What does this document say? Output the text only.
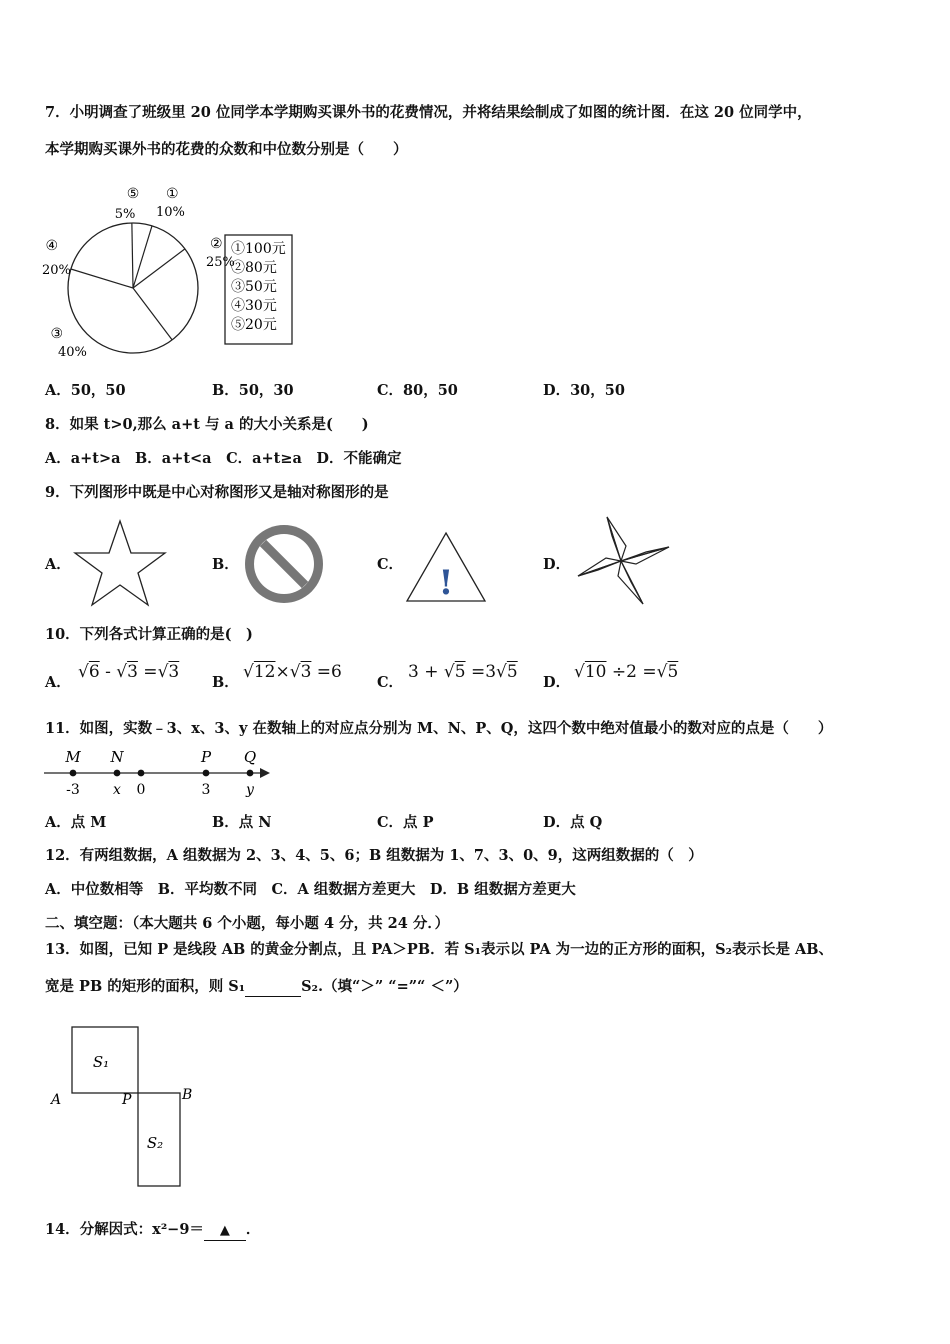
7．小明调查了班级里 20 位同学本学期购买课外书的花费情况，并将结果绘制成了如图的统计图．在这 20 位同学中，
本学期购买课外书的花费的众数和中位数分别是（　　）
①
10%
②
25%
③
40%
④
20%
⑤
5%
①100元
②80元
③50元
④30元
⑤20元
A．50，50	B．50，30	C．80，50	D．30，50
8．如果 t>0,那么 a+t 与 a 的大小关系是(　　)
A．a+t>a　B．a+t<a　C．a+t≥a　D．不能确定
9．下列图形中既是中心对称图形又是轴对称图形的是
A．	B．	C． !	D．
10．下列各式计算正确的是(　)
A．
√6 - √3 =√3
B．
√12×√3 =6
C．
3 + √5 =3√5
D．
√10 ÷2 =√5
11．如图，实数﹣3、x、3、y 在数轴上的对应点分别为 M、N、P、Q，这四个数中绝对值最小的数对应的点是（　　）
M N	P Q
-3 x 0	3	y
A．点 M	B．点 N	C．点 P	D．点 Q
12．有两组数据，A 组数据为 2、3、4、5、6；B 组数据为 1、7、3、0、9，这两组数据的（　）
A．中位数相等　B．平均数不同　C．A 组数据方差更大　D．B 组数据方差更大
二、填空题：（本大题共 6 个小题，每小题 4 分，共 24 分．）
13．如图，已知 P 是线段 AB 的黄金分割点，且 PA＞PB．若 S₁表示以 PA 为一边的正方形的面积，S₂表示长是 AB、
宽是 PB 的矩形的面积，则 S₁	S₂.（填“＞” “=”“ ＜”）
S₁
S₂
A	P	B
14．分解因式：x²−9＝ ▲ ．
